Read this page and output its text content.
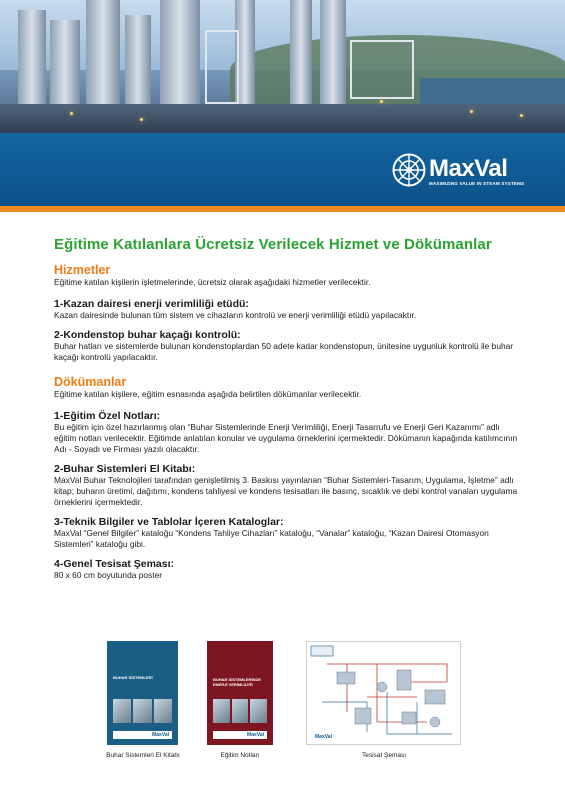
MaxVal
MAXIMIZING VALUE IN STEAM SYSTEMS
Eğitime Katılanlara Ücretsiz Verilecek Hizmet ve Dökümanlar
Hizmetler

Eğitime katılan kişilerin işletmelerinde, ücretsiz olarak aşağıdaki hizmetler verilecektir.

1-Kazan dairesi enerji verimliliği etüdü:

Kazan dairesinde bulunan tüm sistem ve cihazların kontrolü ve enerji verimliliği etüdü yapılacaktır.

2-Kondenstop buhar kaçağı kontrolü:

Buhar hatları ve sistemlerde bulunan kondenstoplardan 50 adete kadar kondenstopun, ünitesine uygunluk kontrolü ile buhar kaçağı kontrolü yapılacaktır.

Dökümanlar

Eğitime katılan kişilere, eğitim esnasında aşağıda belirtilen dökümanlar verilecektir.

1-Eğitim Özel Notları:

Bu eğitim için özel hazırlanmış olan “Buhar Sistemlerinde Enerji Verimliliği, Enerji Tasarrufu ve Enerji Geri Kazanımı” adlı eğitim notları verilecektir. Eğitimde anlatılan konular ve uygulama örneklerini içermektedir. Dökümanın kapağında katılımcının Adı - Soyadı ve Firması yazılı olacaktır.

2-Buhar Sistemleri El Kitabı:

MaxVal Buhar Teknolojileri tarafından genişletilmiş 3. Baskısı yayınlanan “Buhar Sistemleri-Tasarım, Uygulama, İşletme” adlı kitap; buharın üretimi, dağıtımı, kondens tahliyesi ve kondens tesisatları ile basınç, sıcaklık ve debi kontrol vanaları uygulama örneklerini içermektedir.

3-Teknik Bilgiler ve Tablolar İçeren Kataloglar:

MaxVal “Genel Bilgiler” kataloğu “Kondens Tahliye Cihazları” kataloğu, “Vanalar” kataloğu, “Kazan Dairesi Otomasyon Sistemleri” kataloğu gibi.

4-Genel Tesisat Şeması:

80 x 60 cm boyutunda poster

BUHAR SİSTEMLERİ
MaxVal
Buhar Sistemleri El Kitabı
BUHAR SİSTEMLERİNDE ENERJİ VERİMLİLİĞİ
MaxVal
Eğitim Notları
MaxVal
Tesisat Şeması
